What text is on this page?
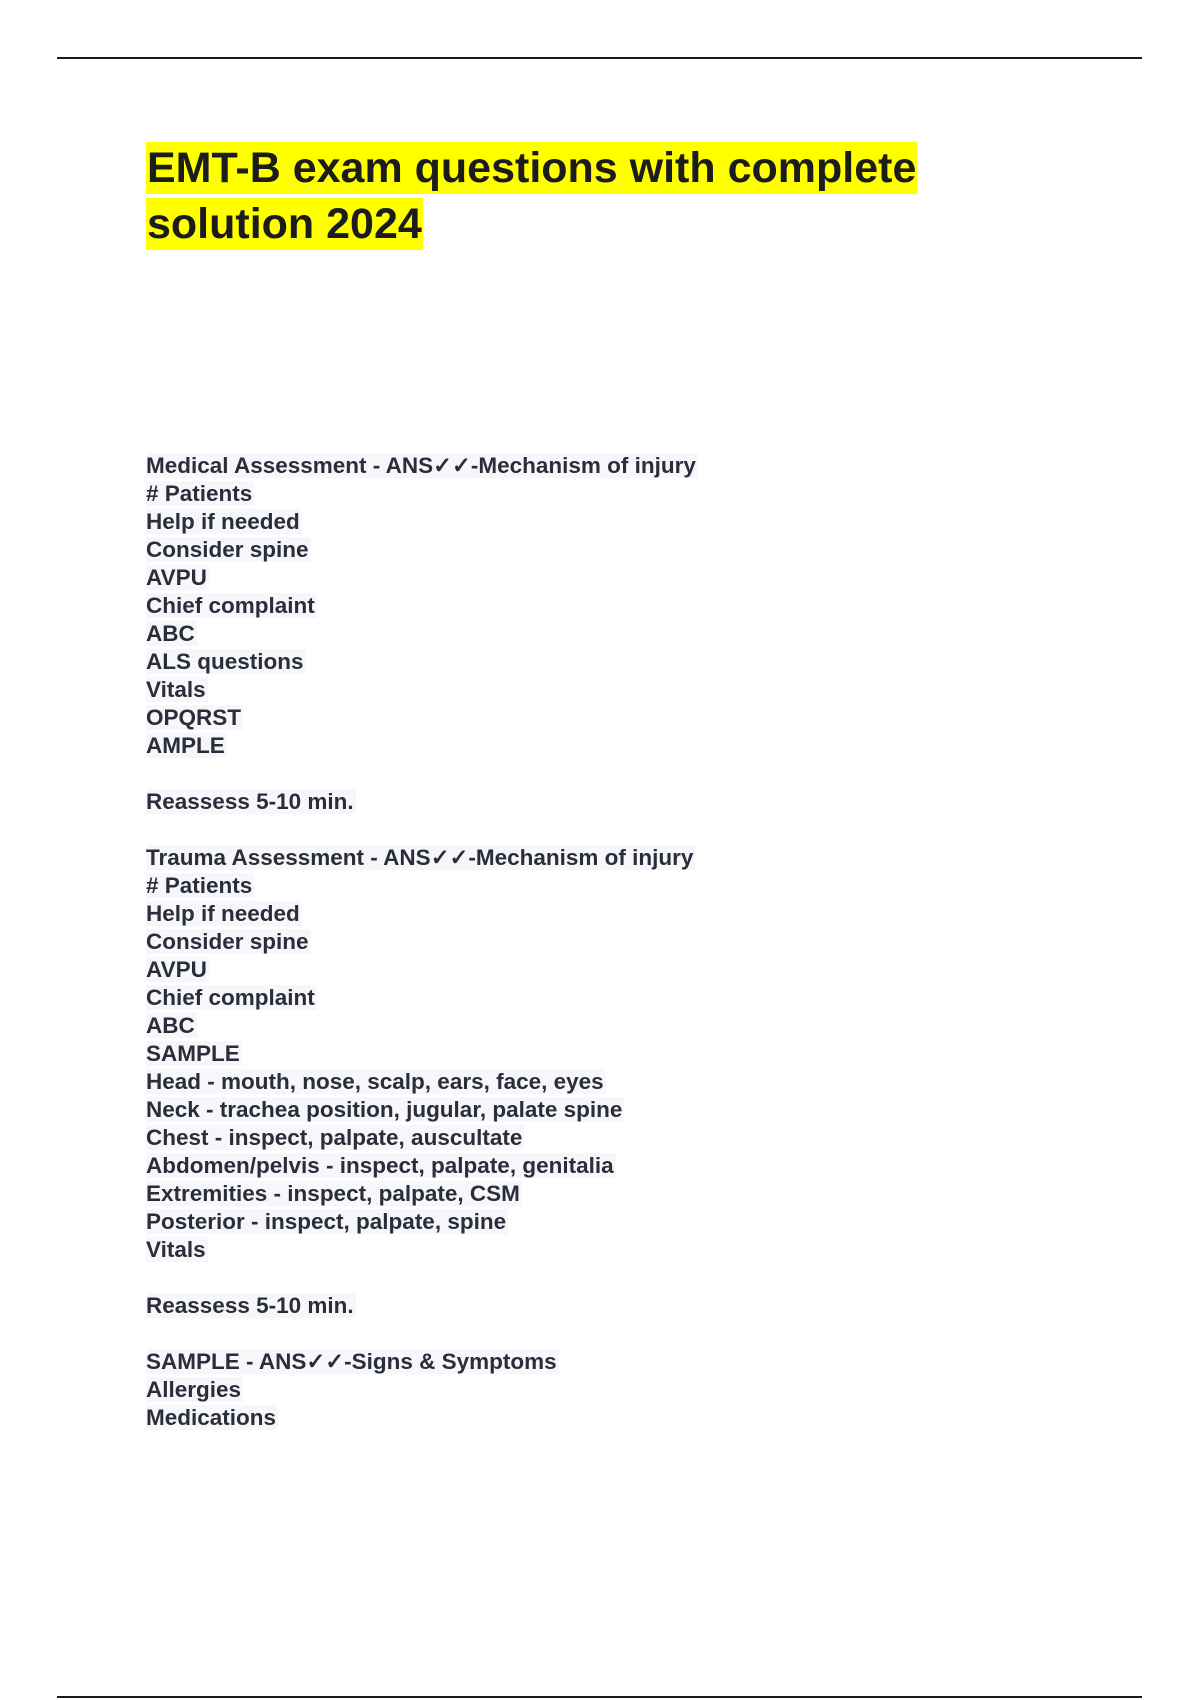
EMT-B exam questions with complete
solution 2024
Medical Assessment - ANS✓✓-Mechanism of injury
# Patients
Help if needed
Consider spine
AVPU
Chief complaint
ABC
ALS questions
Vitals
OPQRST
AMPLE
Reassess 5-10 min.
Trauma Assessment - ANS✓✓-Mechanism of injury
# Patients
Help if needed
Consider spine
AVPU
Chief complaint
ABC
SAMPLE
Head - mouth, nose, scalp, ears, face, eyes
Neck - trachea position, jugular, palate spine
Chest - inspect, palpate, auscultate
Abdomen/pelvis - inspect, palpate, genitalia
Extremities - inspect, palpate, CSM
Posterior - inspect, palpate, spine
Vitals
Reassess 5-10 min.
SAMPLE - ANS✓✓-Signs & Symptoms
Allergies
Medications
